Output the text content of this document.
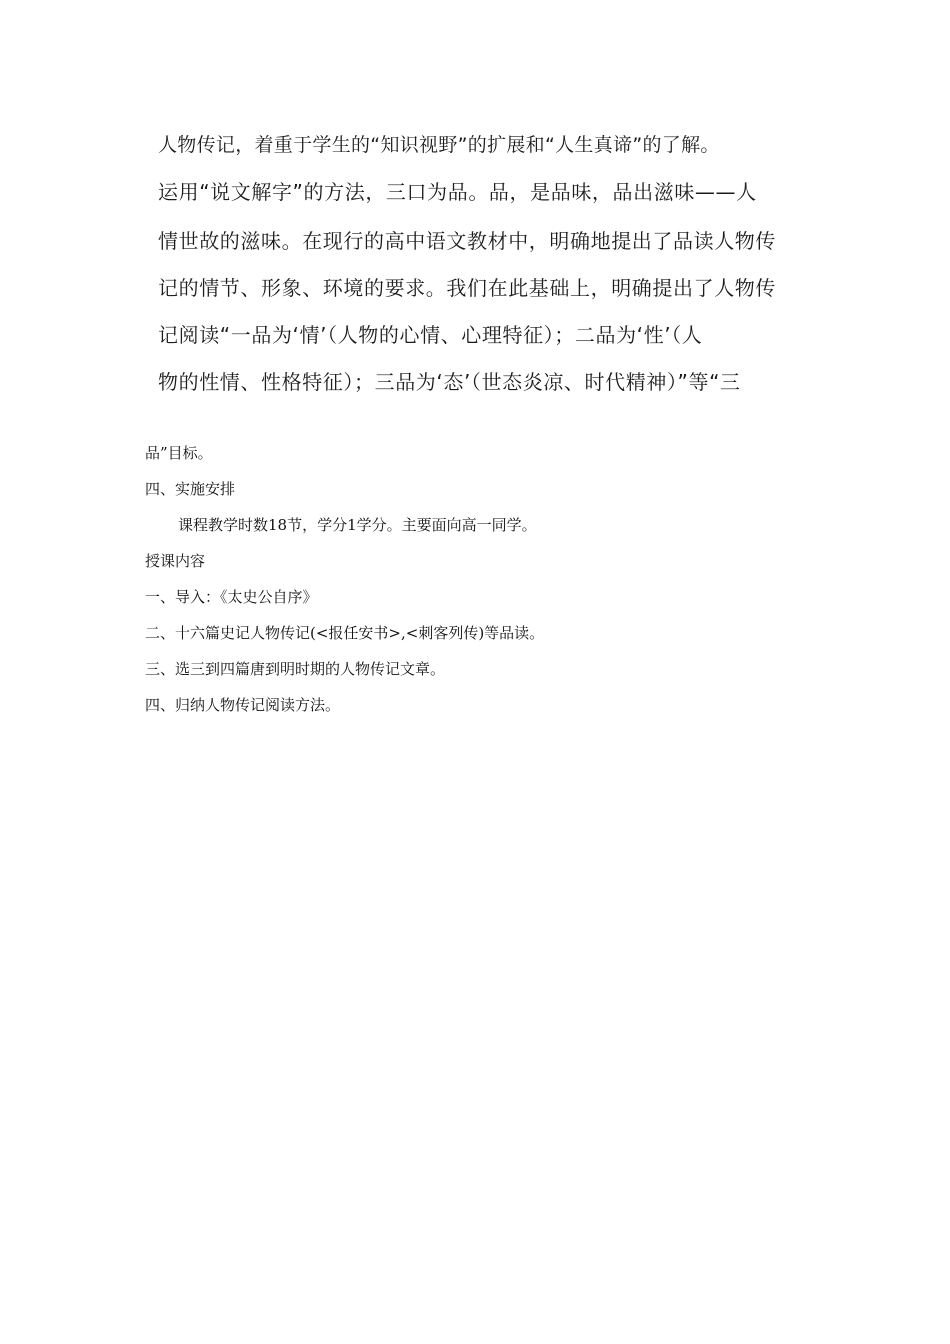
人物传记，着重于学生的“知识视野”的扩展和“人生真谛”的了解。
运用“说文解字”的方法，三口为品。品，是品味，品出滋味——人
情世故的滋味。在现行的高中语文教材中，明确地提出了品读人物传
记的情节、形象、环境的要求。我们在此基础上，明确提出了人物传
记阅读“一品为‘情’（人物的心情、心理特征）；二品为‘性’（人
物的性情、性格特征）；三品为‘态’（世态炎凉、时代精神）”等“三
品”目标。
四、实施安排
课程教学时数18节，学分1学分。主要面向高一同学。
授课内容
一、导入：《太史公自序》
二、十六篇史记人物传记(<报任安书>,<刺客列传)等品读。
三、选三到四篇唐到明时期的人物传记文章。
四、归纳人物传记阅读方法。
